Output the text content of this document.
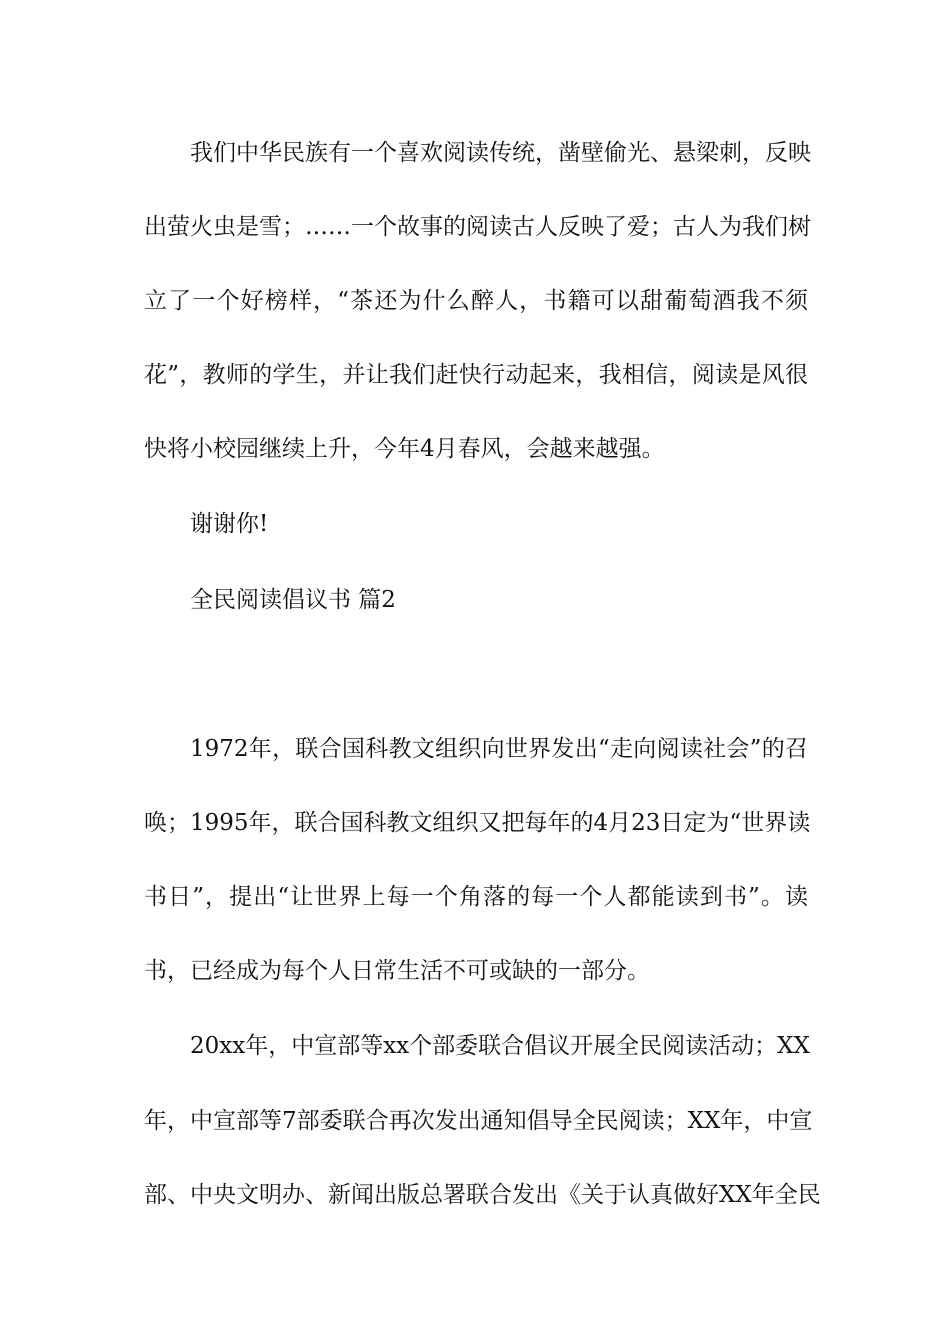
我们中华民族有一个喜欢阅读传统，凿壁偷光、悬梁刺，反映
出萤火虫是雪；……一个故事的阅读古人反映了爱；古人为我们树
立了一个好榜样，“茶还为什么醉人，书籍可以甜葡萄酒我不须
花”，教师的学生，并让我们赶快行动起来，我相信，阅读是风很
快将小校园继续上升，今年4月春风，会越来越强。
谢谢你!
全民阅读倡议书 篇2
1972年，联合国科教文组织向世界发出“走向阅读社会”的召
唤；1995年，联合国科教文组织又把每年的4月23日定为“世界读
书日”，提出“让世界上每一个角落的每一个人都能读到书”。读
书，已经成为每个人日常生活不可或缺的一部分。
20xx年，中宣部等xx个部委联合倡议开展全民阅读活动；XX
年，中宣部等7部委联合再次发出通知倡导全民阅读；XX年，中宣
部、中央文明办、新闻出版总署联合发出《关于认真做好XX年全民
